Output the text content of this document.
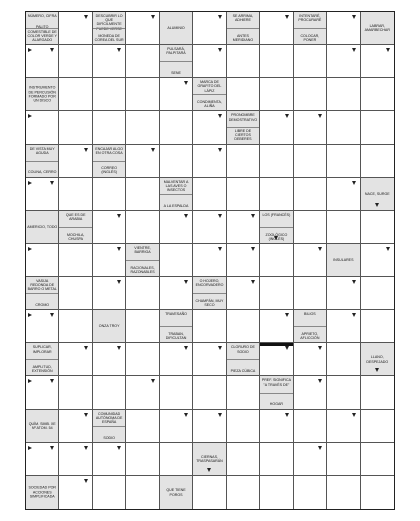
NÚMERO, CIFRA
PALITO COMESTIBLE DE COLOR VERDE Y ALARGADO
DESCUBRIR LO QUE DIFÍCILMENTE PUEDE VERSE
MONEDA DE COREA DEL SUR
ALUMINIO
SE ARRIMA, ADHIERE
ANTES MERIDIANO
INTENTARÉ, PROCURARÉ
COLOCAR, PONER
LABRAR, AMARBECHAR
PULSARÁ, PALPITARÁ
SENE
INSTRUMENTO DE PERCUSIÓN FORMADO POR UN DISCO
MARCA DE GRAFITO DEL LÁPIZ
CONDIMENTA, ALIÑA
PRONOMBRE DEMOSTRATIVO
LIBRE DE CIERTOS DEBERES
DE VISTA MUY AGUDA
COLINA, CERRO
ENCAJAR ALGO EN OTRA COSA
CORREO (INGLÉS)
MALVENTAR A LAS AVES O INSECTOS
A LA ESPALDA
NACE, SURGE
AMERICIO, TODO
QUE ES DE ARABIA
MOCHILA, CHUSPA
LOS (FRANCÉS)
ZOOLÓGICO (INGLÉS)
VIENTRE, BARRIGA
RACIONALES, RAZONABLES
INSULARES
VASIJA REDONDA DE BARRO O METAL
CROMO
O HOJERO, ENCORVADERO
CHAMPÁN, MUY SECO
ONZA TROY
TRAVESAÑO
TRABAN, DIFICULTAN
BILIOS
APRIETO, AFLICCIÓN
SUPLICAR, IMPLORAR
AMPLITUD, EXTENSIÓN
CLORURO DE SODIO
PIEZA CÚBICA
LLANO, DESPEJADO
PREF. SIGNIFICA "A TRAVÉS DE"
HOGAR
QUÍM. SIMB. XE Nº ATOM. 54
COMUNIDAD AUTÓNOMA DE ESPAÑA
SODIO
CIERNAS, TRASPASARÁN
SOCIEDAD POR ACCIONES SIMPLIFICADA
QUE TIENE POROS
